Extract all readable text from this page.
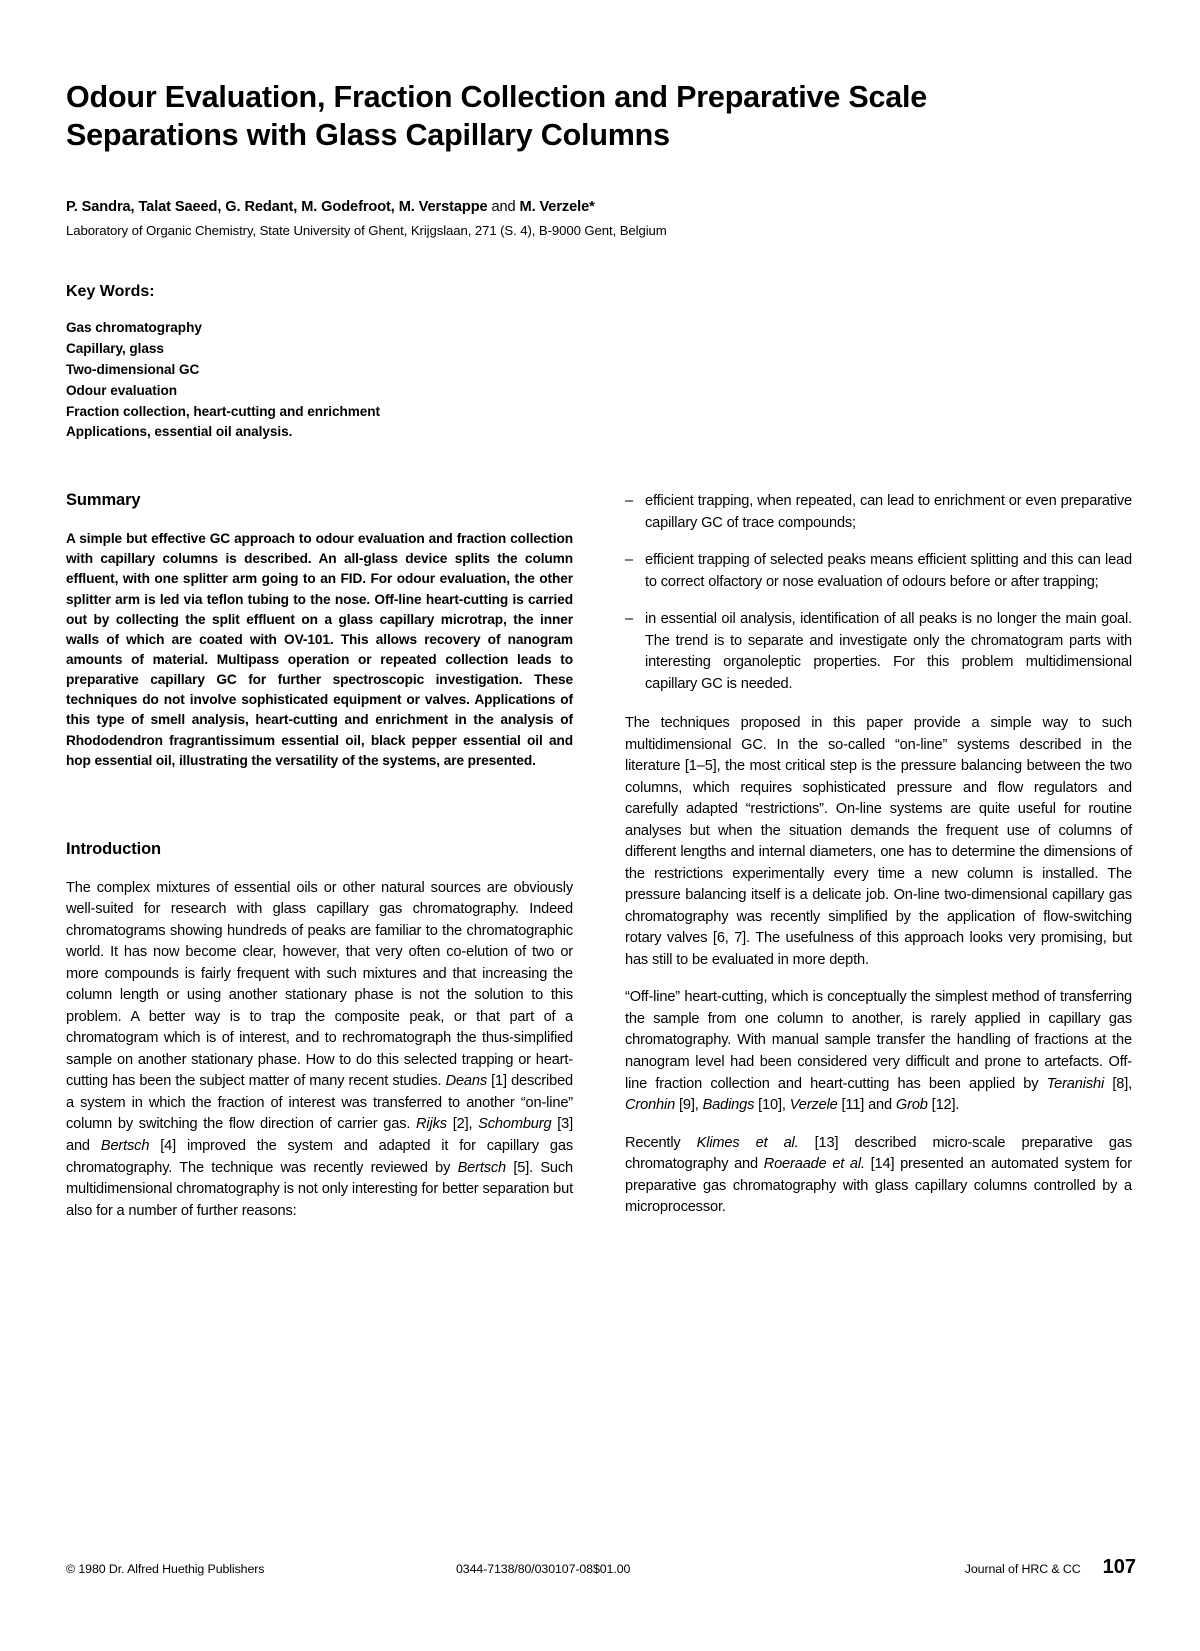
Odour Evaluation, Fraction Collection and Preparative Scale Separations with Glass Capillary Columns
P. Sandra, Talat Saeed, G. Redant, M. Godefroot, M. Verstappe and M. Verzele*
Laboratory of Organic Chemistry, State University of Ghent, Krijgslaan, 271 (S. 4), B-9000 Gent, Belgium
Key Words:
Gas chromatography
Capillary, glass
Two-dimensional GC
Odour evaluation
Fraction collection, heart-cutting and enrichment
Applications, essential oil analysis.
Summary

A simple but effective GC approach to odour evaluation and fraction collection with capillary columns is described. An all-glass device splits the column effluent, with one splitter arm going to an FID. For odour evaluation, the other splitter arm is led via teflon tubing to the nose. Off-line heart-cutting is carried out by collecting the split effluent on a glass capillary microtrap, the inner walls of which are coated with OV-101. This allows recovery of nanogram amounts of material. Multipass operation or repeated collection leads to preparative capillary GC for further spectroscopic investigation. These techniques do not involve sophisticated equipment or valves. Applications of this type of smell analysis, heart-cutting and enrichment in the analysis of Rhododendron fragrantissimum essential oil, black pepper essential oil and hop essential oil, illustrating the versatility of the systems, are presented.

Introduction

The complex mixtures of essential oils or other natural sources are obviously well-suited for research with glass capillary gas chromatography. Indeed chromatograms showing hundreds of peaks are familiar to the chromatographic world. It has now become clear, however, that very often co-elution of two or more compounds is fairly frequent with such mixtures and that increasing the column length or using another stationary phase is not the solution to this problem. A better way is to trap the composite peak, or that part of a chromatogram which is of interest, and to rechromatograph the thus-simplified sample on another stationary phase. How to do this selected trapping or heart-cutting has been the subject matter of many recent studies. Deans [1] described a system in which the fraction of interest was transferred to another “on-line” column by switching the flow direction of carrier gas. Rijks [2], Schomburg [3] and Bertsch [4] improved the system and adapted it for capillary gas chromatography. The technique was recently reviewed by Bertsch [5]. Such multidimensional chromatography is not only interesting for better separation but also for a number of further reasons:

– efficient trapping, when repeated, can lead to enrichment or even preparative capillary GC of trace compounds;
– efficient trapping of selected peaks means efficient splitting and this can lead to correct olfactory or nose evaluation of odours before or after trapping;
– in essential oil analysis, identification of all peaks is no longer the main goal. The trend is to separate and investigate only the chromatogram parts with interesting organoleptic properties. For this problem multidimensional capillary GC is needed.

The techniques proposed in this paper provide a simple way to such multidimensional GC. In the so-called “on-line” systems described in the literature [1–5], the most critical step is the pressure balancing between the two columns, which requires sophisticated pressure and flow regulators and carefully adapted “restrictions”. On-line systems are quite useful for routine analyses but when the situation demands the frequent use of columns of different lengths and internal diameters, one has to determine the dimensions of the restrictions experimentally every time a new column is installed. The pressure balancing itself is a delicate job. On-line two-dimensional capillary gas chromatography was recently simplified by the application of flow-switching rotary valves [6, 7]. The usefulness of this approach looks very promising, but has still to be evaluated in more depth.

“Off-line” heart-cutting, which is conceptually the simplest method of transferring the sample from one column to another, is rarely applied in capillary gas chromatography. With manual sample transfer the handling of fractions at the nanogram level had been considered very difficult and prone to artefacts. Off-line fraction collection and heart-cutting has been applied by Teranishi [8], Cronhin [9], Badings [10], Verzele [11] and Grob [12].

Recently Klimes et al. [13] described micro-scale preparative gas chromatography and Roeraade et al. [14] presented an automated system for preparative gas chromatography with glass capillary columns controlled by a microprocessor.

© 1980 Dr. Alfred Huethig Publishers	0344-7138/80/030107-08$01.00	Journal of HRC & CC 107
